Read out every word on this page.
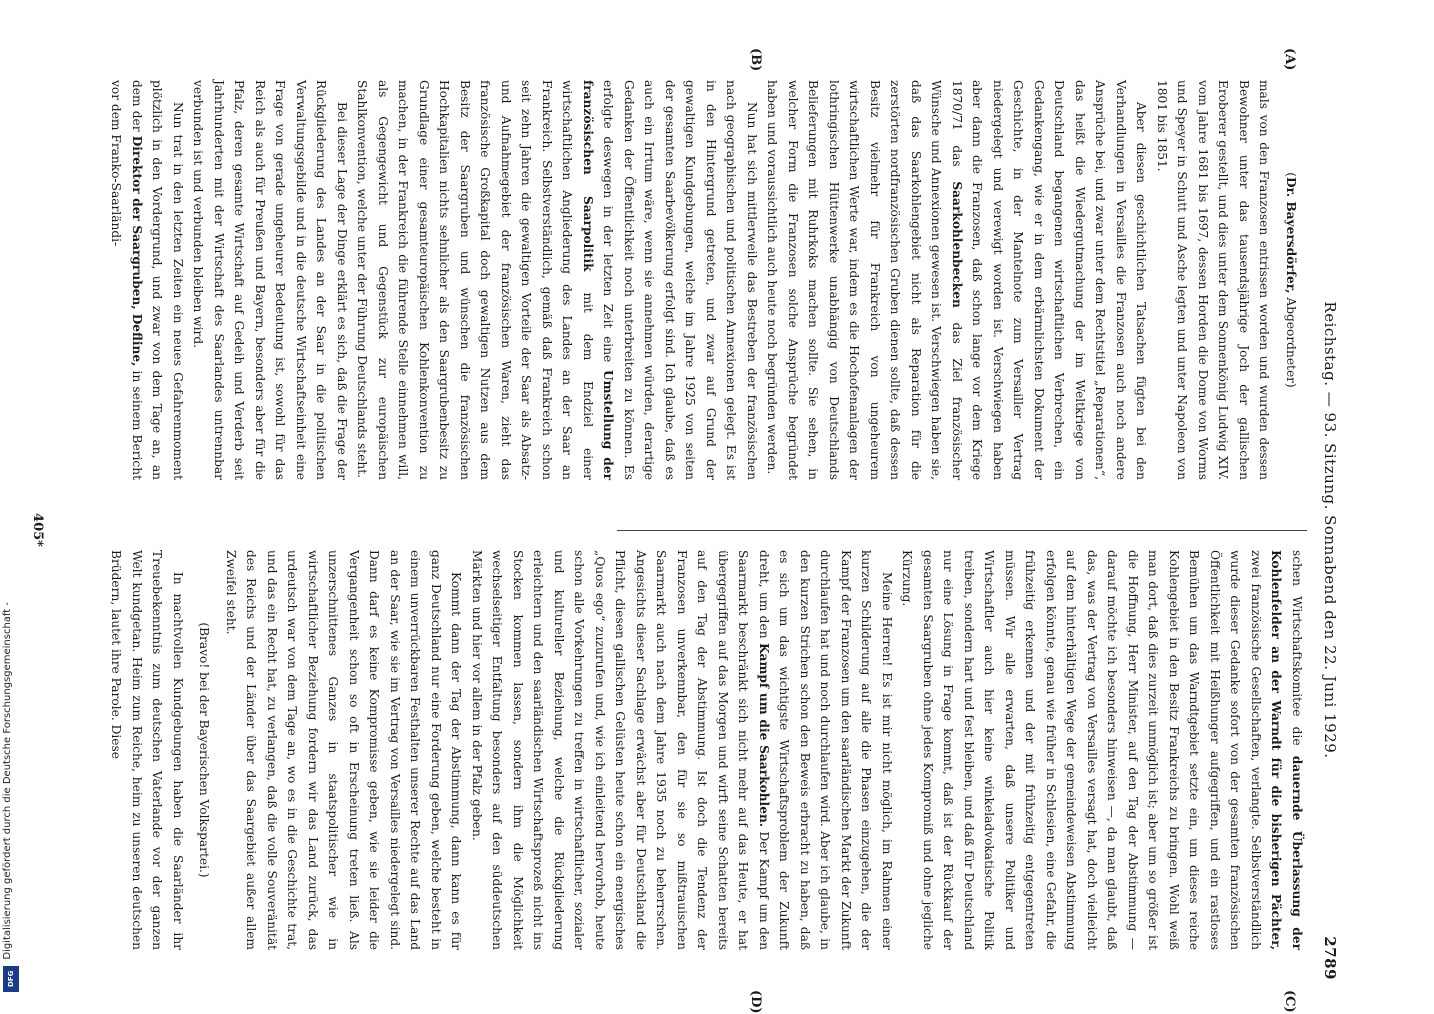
Digitalisierung gefördert durch die Deutsche Forschungsgemeinschaft -
DFG
Reichstag. — 93. Sitzung. Sonnabend den 22. Juni 1929.
2789
(A)
(B)
(C)
(D)

(Dr. Bayersdörfer, Abgeordneter)

mals von den Franzosen entrissen worden und wurden dessen Bewohner unter das tausendsjährige Joch der gallischen Eroberer gestellt, und dies unter dem Sonnenkönig Ludwig XIV. vom Jahre 1681 bis 1697, dessen Horden die Dome von Worms und Speyer in Schutt und Asche legten und unter Napoleon von 1801 bis 1851.

Aber diesen geschichtlichen Tatsachen fügten bei den Verhandlungen in Versailles die Franzosen auch noch andere Ansprüche bei, und zwar unter dem Rechtstitel „Reparationen“, das heißt die Wiedergutmachung der im Weltkriege von Deutschland begangenen wirtschaftlichen Verbrechen, ein Gedankengang, wie er in dem erbärmlichsten Dokument der Geschichte, in der Mantelnote zum Versailler Vertrag niedergelegt und verewigt worden ist. Verschwiegen haben aber dann die Franzosen, daß schon lange vor dem Kriege 1870/71 das Saarkohlenbecken das Ziel französischer Wünsche und Annexionen gewesen ist. Verschwiegen haben sie, daß das Saarkohlengebiet nicht als Reparation für die zerstörten nordfranzösischen Gruben dienen sollte, daß dessen Besitz vielmehr für Frankreich von ungeheurem wirtschaftlichen Werte war, indem es die Hochofenanlagen der lothringischen Hüttenwerke unabhängig von Deutschlands Belieferungen mit Ruhrkoks machen sollte. Sie sehen, in welcher Form die Franzosen solche Ansprüche begründet haben und voraussichtlich auch heute noch begründen werden.

Nun hat sich mittlerweile das Bestreben der französischen nach geographischen und politischen Annexionen gelegt. Es ist in den Hintergrund getreten, und zwar auf Grund der gewaltigen Kundgebungen, welche im Jahre 1925 von seiten der gesamten Saarbevölkerung erfolgt sind. Ich glaube, daß es auch ein Irrtum wäre, wenn sie annehmen würden, derartige Gedanken der Öffentlichkeit noch unterbreiten zu können. Es erfolgte deswegen in der letzten Zeit eine Umstellung der französischen Saarpolitik mit dem Endziel einer wirtschaftlichen Angliederung des Landes an der Saar an Frankreich. Selbstverständlich, gemäß daß Frankreich schon seit zehn Jahren die gewaltigen Vorteile der Saar als Absatz- und Aufnahmegebiet der französischen Waren, zieht das französische Großkapital doch gewaltigen Nutzen aus dem Besitz der Saargruben und wünschen die französischen Hochkapitalien nichts sehnlicher als den Saargrubenbesitz zu Grundlage einer gesamteuropäischen Kohlenkonvention zu machen, in der Frankreich die führende Stelle einnehmen will, als Gegengewicht und Gegenstück zur europäischen Stahlkonvention, welche unter der Führung Deutschlands steht.

Bei dieser Lage der Dinge erklärt es sich, daß die Frage der Rückgliederung des Landes an der Saar in die politischen Verwaltungsgebilde und in die deutsche Wirtschaftseinheit eine Frage von gerade ungeheurer Bedeutung ist, sowohl für das Reich als auch für Preußen und Bayern, besonders aber für die Pfalz, deren gesamte Wirtschaft auf Gedeih und Verderb seit Jahrhunderten mit der Wirtschaft des Saarlandes untrennbar verbunden ist und verbunden bleiben wird.

Nun trat in den letzten Zeiten ein neues Gefahrenmoment plötzlich in den Vordergrund, und zwar von dem Tage an, an dem der Direktor der Saargruben, Defline, in seinem Bericht vor dem Franko-Saarländi-

schen Wirtschaftskomitee die dauernde Überlassung der Kohlenfelder an der Warndt für die bisherigen Pächter, zwei französische Gesellschaften, verlangte. Selbstverständlich wurde dieser Gedanke sofort von der gesamten französischen Öffentlichkeit mit Heißhunger aufgegriffen, und ein rastloses Bemühen um das Warndtgebiet setzte ein, um dieses reiche Kohlengebiet in den Besitz Frankreichs zu bringen. Wohl weiß man dort, daß dies zurzeit unmöglich ist; aber um so größer ist die Hoffnung, Herr Minister, auf den Tag der Abstimmung — darauf möchte ich besonders hinweisen —, da man glaubt, daß das, was der Vertrag von Versailles versagt hat, doch vielleicht auf dem hinterhältigen Wege der gemeindeweisen Abstimmung erfolgen könnte, genau wie früher in Schlesien, eine Gefahr, die frühzeitig erkennen und der mit frühzeitig entgegentreten müssen. Wir alle erwarten, daß unsere Politiker und Wirtschaftler auch hier keine winkeladvokatische Politik treiben, sondern hart und fest bleiben, und daß für Deutschland nur eine Lösung in Frage kommt, daß ist der Rückkauf der gesamten Saargruben ohne jedes Kompromiß und ohne jegliche Kürzung.

Meine Herren! Es ist mir nicht möglich, im Rahmen einer kurzen Schilderung auf alle die Phasen einzugehen, die der Kampf der Franzosen um den saarländischen Markt der Zukunft durchlaufen hat und noch durchlaufen wird. Aber ich glaube, in den kurzen Strichen schon den Beweis erbracht zu haben, daß es sich um das wichtigste Wirtschaftsproblem der Zukunft dreht, um den Kampf um die Saarkohlen. Der Kampf um den Saarmarkt beschränkt sich nicht mehr auf das Heute, er hat übergegriffen auf das Morgen und wirft seine Schatten bereits auf den Tag der Abstimmung. Ist doch die Tendenz der Franzosen unverkennbar, den für sie so mißtrauischen Saarmarkt auch nach dem Jahre 1935 noch zu beherrschen. Angesichts dieser Sachlage erwächst aber für Deutschland die Pflicht, diesen gallischen Gelüsten heute schon ein energisches „Quos ego“ zuzurufen und, wie ich einleitend hervorhob, heute schon alle Vorkehrungen zu treffen in wirtschaftlicher, sozialer und kultureller Beziehung, welche die Rückgliederung erleichtern und den saarländischen Wirtschaftsprozeß nicht ins Stocken kommen lassen, sondern ihm die Möglichkeit wechselseitiger Entfaltung besonders auf den süddeutschen Märkten und hier vor allem in der Pfalz geben.

Kommt dann der Tag der Abstimmung, dann kann es für ganz Deutschland nur eine Forderung geben, welche besteht in einem unverrückbaren Festhalten unserer Rechte auf das Land an der Saar, wie sie im Vertrag von Versailles niedergelegt sind. Dann darf es keine Kompromisse geben, wie sie leider die Vergangenheit schon so oft in Erscheinung treten ließ. Als unzerschnittenes Ganzes in staatspolitischer wie in wirtschaftlicher Beziehung fordern wir das Land zurück, das urdeutsch war von dem Tage an, wo es in die Geschichte trat, und das ein Recht hat, zu verlangen, daß die volle Souveränität des Reichs und der Länder über das Saargebiet außer allem Zweifel steht.

(Bravo! bei der Bayerischen Volkspartei.)

In machtvollen Kundgebungen haben die Saarländer ihr Treuebekenntnis zum deutschen Vaterlande vor der ganzen Welt kundgetan. Heim zum Reiche, heim zu unseren deutschen Brüdern, lautet ihre Parole. Diese

405*
